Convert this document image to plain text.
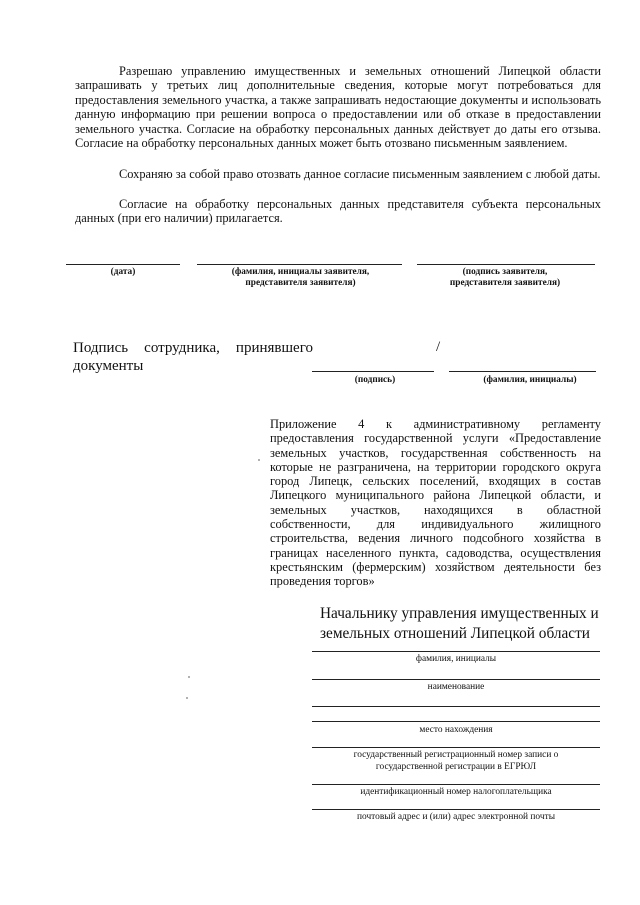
Разрешаю управлению имущественных и земельных отношений Липецкой области запрашивать у третьих лиц дополнительные сведения, которые могут потребоваться для предоставления земельного участка, а также запрашивать недостающие документы и использовать данную информацию при решении вопроса о предоставлении или об отказе в предоставлении земельного участка. Согласие на обработку персональных данных действует до даты его отзыва. Согласие на обработку персональных данных может быть отозвано письменным заявлением.

Сохраняю за собой право отозвать данное согласие письменным заявлением с любой даты.

Согласие на обработку персональных данных представителя субъекта персональных данных (при его наличии) прилагается.

(дата)	(фамилия, инициалы заявителя, представителя заявителя)
(подпись заявителя, представителя заявителя)
Подпись сотрудника, принявшего документы
/
(подпись)	(фамилия, инициалы)

Приложение 4 к административному регламенту предоставления государственной услуги «Предоставление земельных участков, государственная собственность на которые не разграничена, на территории городского округа город Липецк, сельских поселений, входящих в состав Липецкого муниципального района Липецкой области, и земельных участков, находящихся в областной собственности, для индивидуального жилищного строительства, ведения личного подсобного хозяйства в границах населенного пункта, садоводства, осуществления крестьянским (фермерским) хозяйством деятельности без проведения торгов»

Начальнику управления имущественных и
земельных отношений Липецкой области
фамилия, инициалы
наименование
место нахождения
государственный регистрационный номер записи о
государственной регистрации в ЕГРЮЛ
идентификационный номер налогоплательщика
почтовый адрес и (или) адрес электронной почты
